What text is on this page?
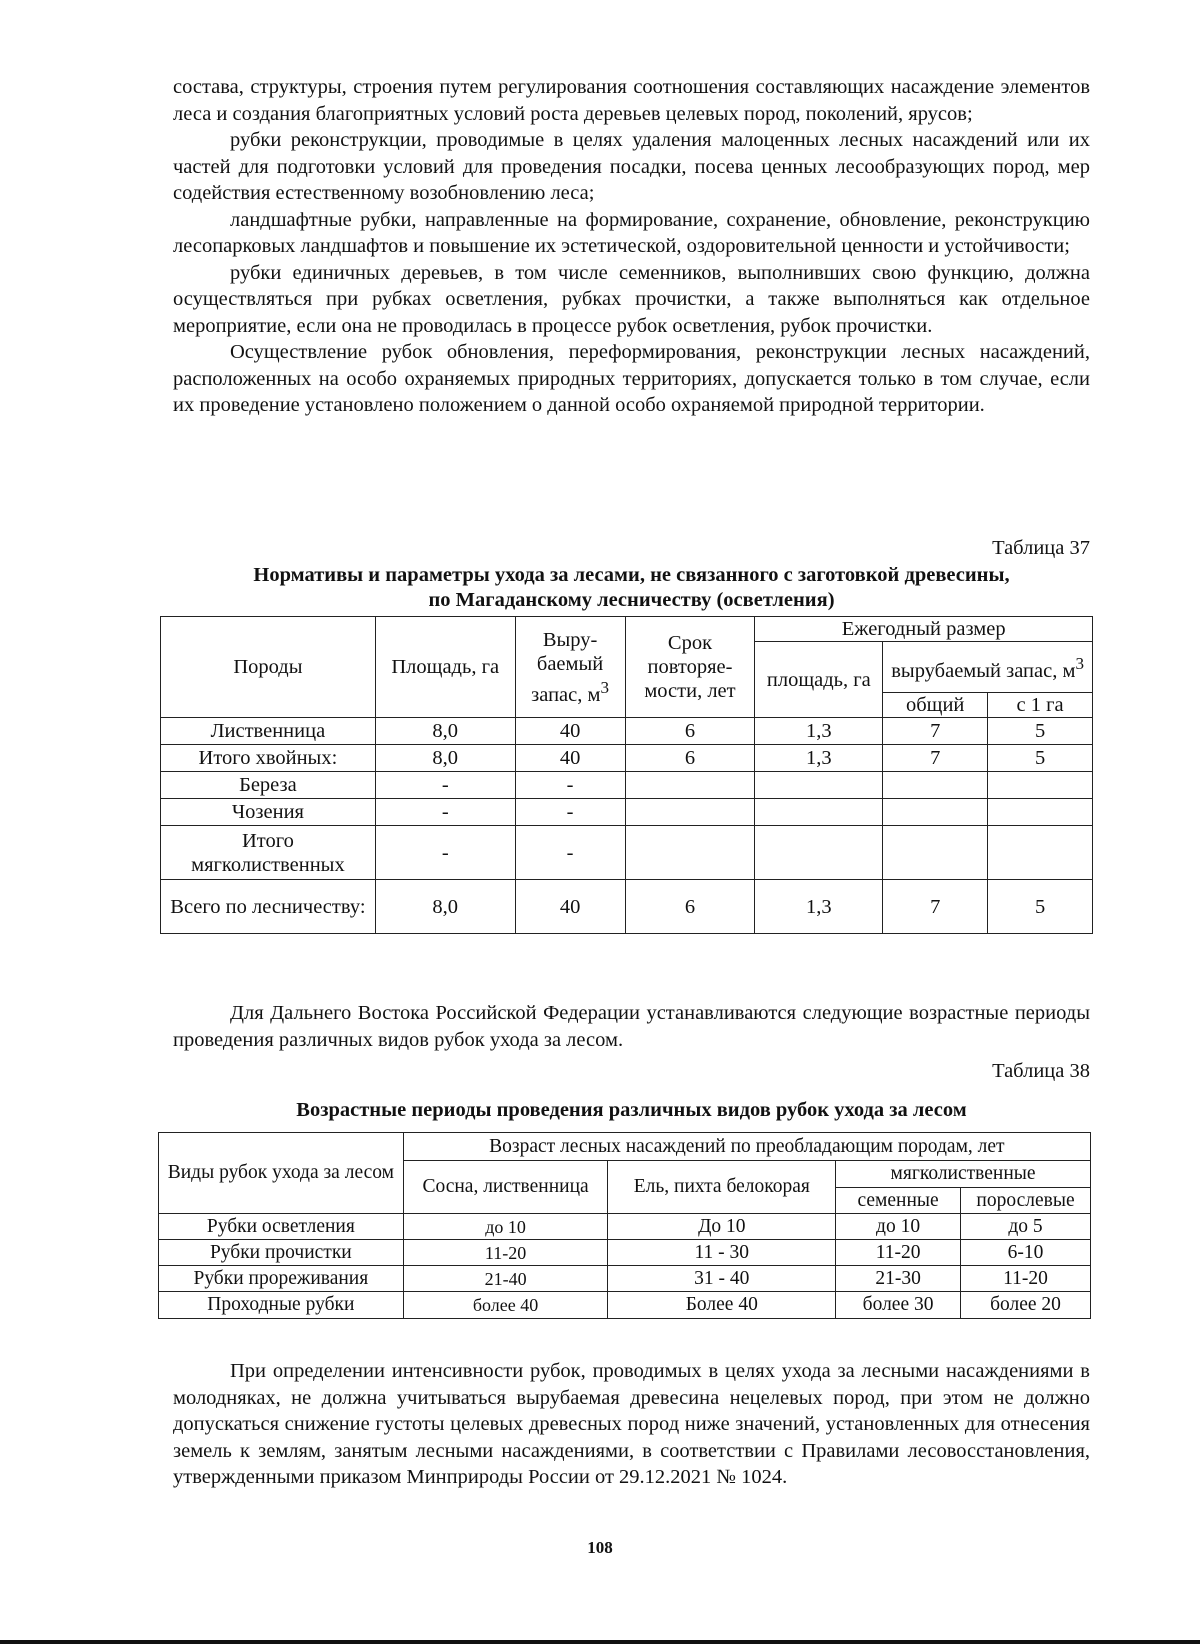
состава, структуры, строения путем регулирования соотношения составляющих насаждение элементов леса и создания благоприятных условий роста деревьев целевых пород, поколений, ярусов;

рубки реконструкции, проводимые в целях удаления малоценных лесных насаждений или их частей для подготовки условий для проведения посадки, посева ценных лесообразующих пород, мер содействия естественному возобновлению леса;

ландшафтные рубки, направленные на формирование, сохранение, обновление, реконструкцию лесопарковых ландшафтов и повышение их эстетической, оздоровительной ценности и устойчивости;

рубки единичных деревьев, в том числе семенников, выполнивших свою функцию, должна осуществляться при рубках осветления, рубках прочистки, а также выполняться как отдельное мероприятие, если она не проводилась в процессе рубок осветления, рубок прочистки.

Осуществление рубок обновления, переформирования, реконструкции лесных насаждений, расположенных на особо охраняемых природных территориях, допускается только в том случае, если их проведение установлено положением о данной особо охраняемой природной территории.

Таблица 37
Нормативы и параметры ухода за лесами, не связанного с заготовкой древесины,
по Магаданскому лесничеству (осветления)
Породы	Площадь, га	Выру-баемый запас, $м^3$	Срок повторяе-мости, лет	Ежегодный размер		
				площадь, га	вырубаемый запас, $м^3$
					общий	с 1 га
Лиственница	8,0	40	6	1,3	7	5
Итого хвойных:	8,0	40	6	1,3	7	5
Береза	-	-				
Чозения	-	-				
Итого мягколиственных	-	-				
Всего по лесничеству:	8,0	40	6	1,3	7	5

Для Дальнего Востока Российской Федерации устанавливаются следующие возрастные периоды проведения различных видов рубок ухода за лесом.

Таблица 38
Возрастные периоды проведения различных видов рубок ухода за лесом
Виды рубок ухода за лесом	Возраст лесных насаждений по преобладающим породам, лет			
	Сосна, лиственница	Ель, пихта белокорая	мягколиственные	
			семенные	порослевые
Рубки осветления	до 10	До 10	до 10	до 5
Рубки прочистки	11-20	11 - 30	11-20	6-10
Рубки прореживания	21-40	31 - 40	21-30	11-20
Проходные рубки	более 40	Более 40	более 30	более 20

При определении интенсивности рубок, проводимых в целях ухода за лесными насаждениями в молодняках, не должна учитываться вырубаемая древесина нецелевых пород, при этом не должно допускаться снижение густоты целевых древесных пород ниже значений, установленных для отнесения земель к землям, занятым лесными насаждениями, в соответствии с Правилами лесовосстановления, утвержденными приказом Минприроды России от 29.12.2021 № 1024.

108
